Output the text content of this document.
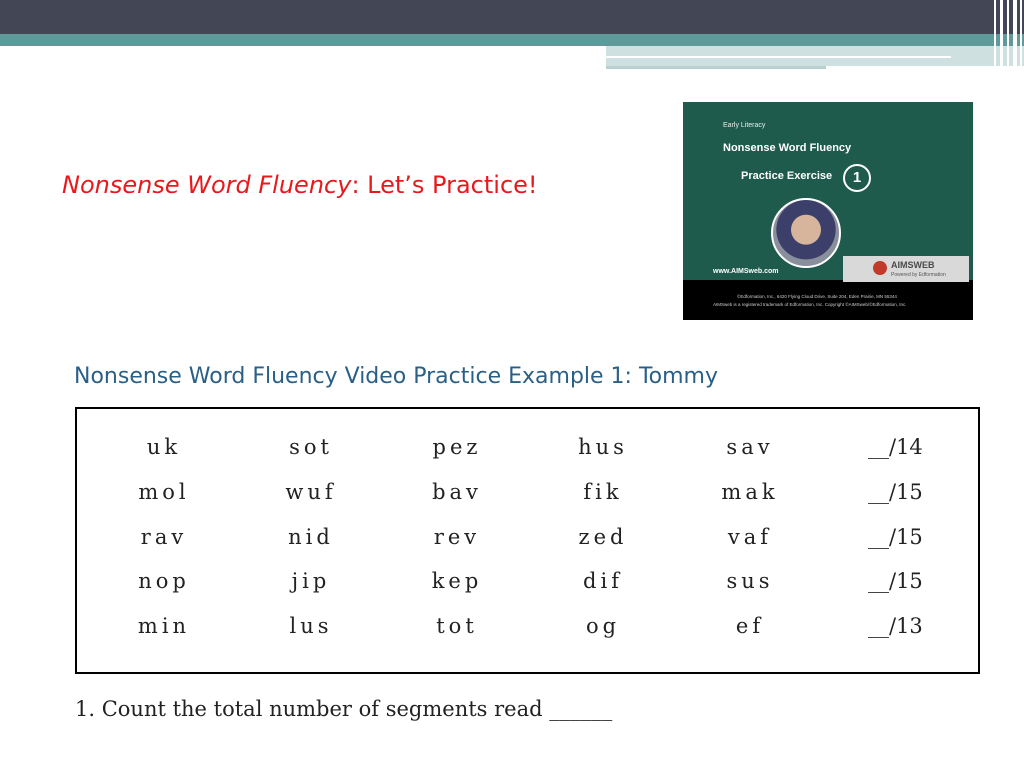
Nonsense Word Fluency: Let’s Practice!
Early Literacy
Nonsense Word Fluency
Practice Exercise	1
www.AIMSweb.com
AIMSWEB
Powered by Edformation
©Edformation, Inc., 6420 Flying Cloud Drive, Suite 204, Eden Prairie, MN 55344
AIMSweb is a registered trademark of Edformation, Inc. Copyright ©AIMSweb/©Edformation, Inc.
Nonsense Word Fluency Video Practice Example 1: Tommy
uk	sot	pez	hus	sav	__/14
mol	wuf	bav	fik	mak	__/15
rav	nid	rev	zed	vaf	__/15
nop	jip	kep	dif	sus	__/15
min	lus	tot	og	ef	__/13
1. Count the total number of segments read ______
